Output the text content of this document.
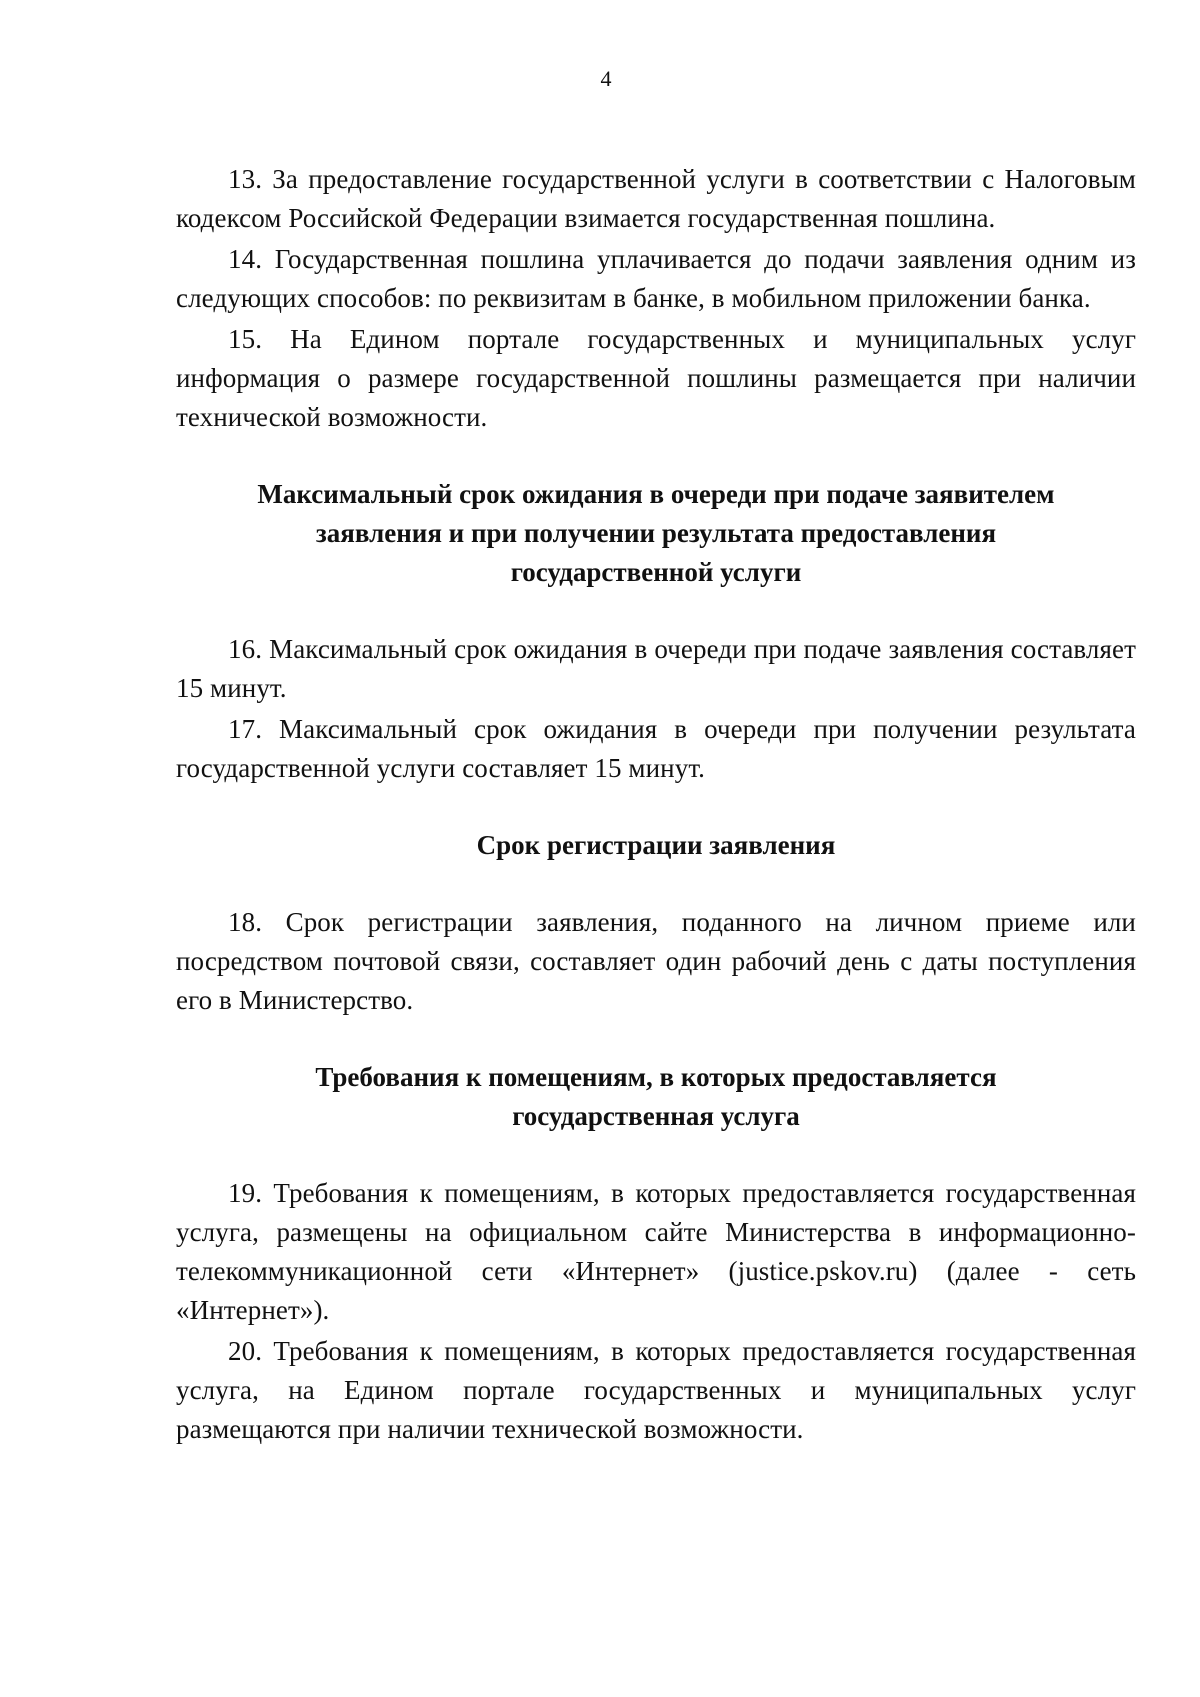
4

13. За предоставление государственной услуги в соответствии с Налоговым кодексом Российской Федерации взимается государственная пошлина.

14. Государственная пошлина уплачивается до подачи заявления одним из следующих способов: по реквизитам в банке, в мобильном приложении банка.

15. На Едином портале государственных и муниципальных услуг информация о размере государственной пошлины размещается при наличии технической возможности.

Максимальный срок ожидания в очереди при подаче заявителем
заявления и при получении результата предоставления
государственной услуги

16. Максимальный срок ожидания в очереди при подаче заявления составляет 15 минут.

17. Максимальный срок ожидания в очереди при получении результата государственной услуги составляет 15 минут.

Срок регистрации заявления

18. Срок регистрации заявления, поданного на личном приеме или посредством почтовой связи, составляет один рабочий день с даты поступления его в Министерство.

Требования к помещениям, в которых предоставляется
государственная услуга

19. Требования к помещениям, в которых предоставляется государственная услуга, размещены на официальном сайте Министерства в информационно-телекоммуникационной сети «Интернет» (justice.pskov.ru) (далее - сеть «Интернет»).

20. Требования к помещениям, в которых предоставляется государственная услуга, на Едином портале государственных и муниципальных услуг размещаются при наличии технической возможности.
